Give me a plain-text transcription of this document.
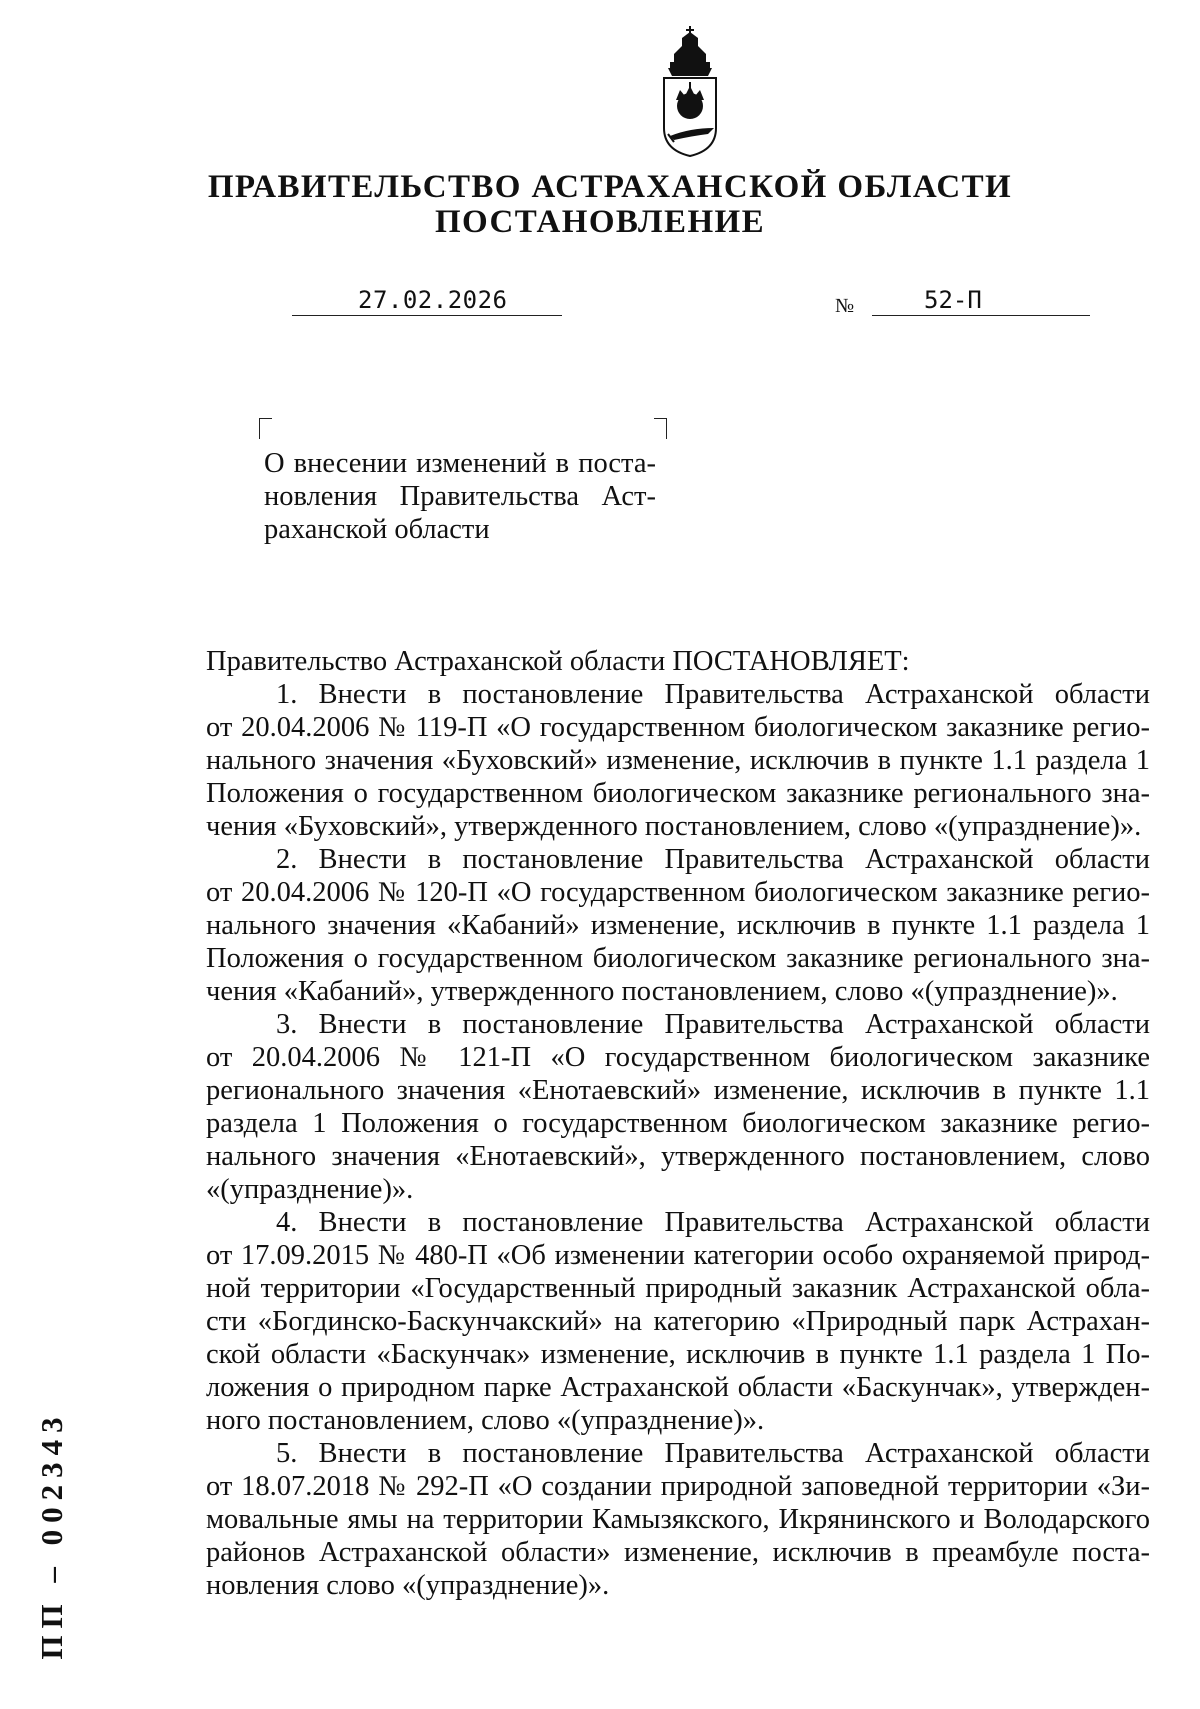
ПРАВИТЕЛЬСТВО АСТРАХАНСКОЙ ОБЛАСТИ
ПОСТАНОВЛЕНИЕ
27.02.2026	№	52-П
О внесении изменений в поста-
новления Правительства Аст-
раханской области
Правительство Астраханской области ПОСТАНОВЛЯЕТ:
1. Внести в постановление Правительства Астраханской области
от 20.04.2006 № 119-П «О государственном биологическом заказнике регио-
нального значения «Буховский» изменение, исключив в пункте 1.1 раздела 1
Положения о государственном биологическом заказнике регионального зна-
чения «Буховский», утвержденного постановлением, слово «(упразднение)».
2. Внести в постановление Правительства Астраханской области
от 20.04.2006 № 120-П «О государственном биологическом заказнике регио-
нального значения «Кабаний» изменение, исключив в пункте 1.1 раздела 1
Положения о государственном биологическом заказнике регионального зна-
чения «Кабаний», утвержденного постановлением, слово «(упразднение)».
3. Внести в постановление Правительства Астраханской области
от 20.04.2006 № 121-П «О государственном биологическом заказнике
регионального значения «Енотаевский» изменение, исключив в пункте 1.1
раздела 1 Положения о государственном биологическом заказнике регио-
нального значения «Енотаевский», утвержденного постановлением, слово
«(упразднение)».
4. Внести в постановление Правительства Астраханской области
от 17.09.2015 № 480-П «Об изменении категории особо охраняемой природ-
ной территории «Государственный природный заказник Астраханской обла-
сти «Богдинско-Баскунчакский» на категорию «Природный парк Астрахан-
ской области «Баскунчак» изменение, исключив в пункте 1.1 раздела 1 По-
ложения о природном парке Астраханской области «Баскунчак», утвержден-
ного постановлением, слово «(упразднение)».
5. Внести в постановление Правительства Астраханской области
от 18.07.2018 № 292-П «О создании природной заповедной территории «Зи-
мовальные ямы на территории Камызякского, Икрянинского и Володарского
районов Астраханской области» изменение, исключив в преамбуле поста-
новления слово «(упразднение)».
ПП – 002343
